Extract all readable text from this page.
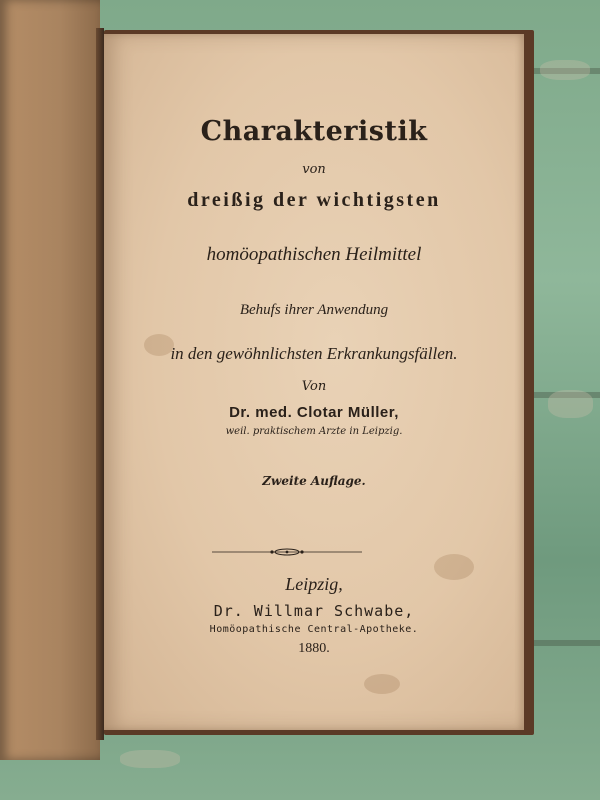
Charakteristik
von
dreißig der wichtigsten
homöopathischen Heilmittel
Behufs ihrer Anwendung
in den gewöhnlichsten Erkrankungsfällen.
Von
Dr. med. Clotar Müller,
weil. praktischem Arzte in Leipzig.
Zweite Auflage.
Leipzig,
Dr. Willmar Schwabe,
Homöopathische Central-Apotheke.
1880.
